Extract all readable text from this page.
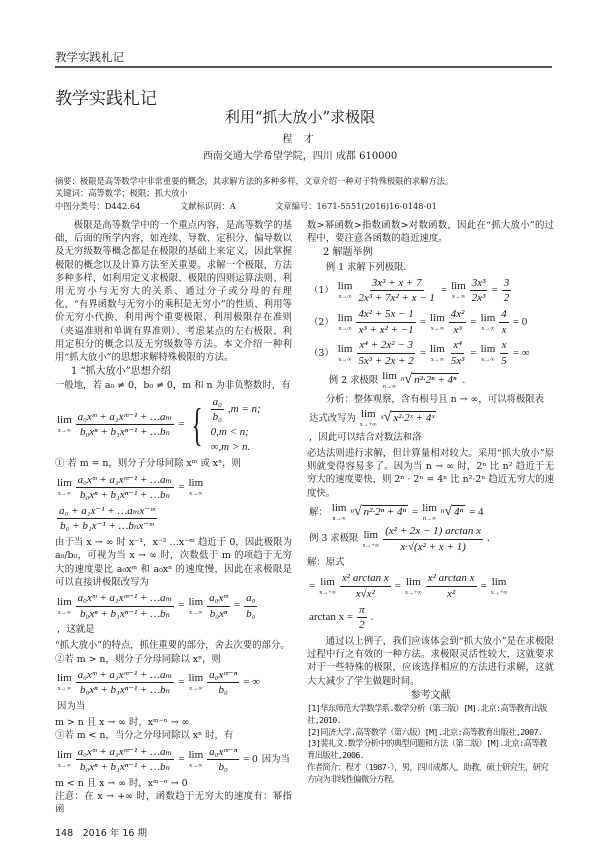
教学实践札记
教学实践札记
利用“抓大放小”求极限
程 才
西南交通大学希望学院，四川 成都 610000
摘要：极限是高等数学中非常重要的概念，其求解方法的多种多样，文章介绍一种对于特殊极限的求解方法。
关键词：高等数学；极限；抓大放小
中图分类号：D442.64	文献标识码：A	文章编号：1671-5551(2016)16-0148-01

极限是高等数学中的一个重点内容，是高等数学的基础，后面的所学内容，如连续、导数、定积分、偏导数以及无穷级数等概念都是在极限的基础上来定义，因此掌握极限的概念以及计算方法至关重要。求解一个极限，方法多种多样，如利用定义求极限、极限的四则运算法则、利用无穷小与无穷大的关系、通过分子或分母的有理化、“有界函数与无穷小的乘积是无穷小”的性质、利用等价无穷小代换、利用两个重要极限、利用极限存在准则（夹逼准则和单调有界准则）、考虑某点的左右极限、利用定积分的概念以及无穷级数等方法。本文介绍一种利用“抓大放小”的思想求解特殊极限的方法。

1 “抓大放小”思想介绍

一般地，若 a₀ ≠ 0，b₀ ≠ 0，m 和 n 为非负整数时，有

lim
$x\to\infty \frac{\text{a₀xᵐ + a₁xᵐ⁻¹ + …aₘ}}{\text{b₀xⁿ + b₁xⁿ⁻¹ + …bₙ}}$ = { $\frac{\text{a₀}}{\text{b₀}} ,m = n$;
0,m < n;
∞,m > n.

① 若 m = n，则分子分母同除 xᵐ 或 xⁿ，则

lim
$x\to\infty \frac{\text{a₀xᵐ + a₁xᵐ⁻¹ + …aₘ}}{\text{b₀xⁿ + b₁xⁿ⁻¹ + …bₙ}} = \lim$
x→∞
$\frac{\text{a₀ + a₁x⁻¹ + …aₘx⁻ᵐ}}{\text{b₀ + b₁x⁻¹ + …bₙx⁻ᵐ}}$

由于当 x → ∞ 时 x⁻¹，x⁻² …x⁻ᵐ 趋近于 0，因此极限为 a₀/b₀，可视为当 x → ∞ 时，次数低于 m 的项趋于无穷大的速度要比 a₀xᵐ 和 a₀xⁿ 的速度慢，因此在求极限是可以直接讲极限改写为

lim
$x\to\infty \frac{\text{a₀xᵐ + a₁xᵐ⁻¹ + …aₘ}}{\text{b₀xⁿ + b₁xⁿ⁻¹ + …bₙ}} = \lim$
$x\to\infty \frac{\text{a₀xᵐ}}{\text{b₀xⁿ}} = \frac{\text{a₀}}{\text{b₀}}$
，这就是

“抓大放小”的特点，抓住重要的部分，舍去次要的部分。

②若 m > n，则分子分母同除以 xⁿ，则

lim
$x\to\infty \frac{\text{a₀xᵐ + a₁xᵐ⁻¹ + …aₘ}}{\text{b₀xⁿ + b₁xⁿ⁻¹ + …bₙ}} = \lim$
$x\to\infty \frac{\text{a₀xᵐ⁻ⁿ}}{\text{b₀}}$ = ∞
因为当

m > n 且 x → ∞ 时，xᵐ⁻ⁿ → ∞

③若 m < n，当分之分母同除以 xⁿ 时，有

lim
$x\to\infty \frac{\text{a₀xᵐ + a₁xᵐ⁻¹ + …aₘ}}{\text{b₀xⁿ + b₁xⁿ⁻¹ + …bₙ}} = \lim$
$x\to\infty \frac{\text{a₀xᵐ⁻ⁿ}}{\text{b₀}} = 0$ 因为当

m < n 且 x → ∞ 时，xᵐ⁻ⁿ → 0

注意：在 x → +∞ 时，函数趋于无穷大的速度有：幂指函

数>幂函数>指数函数>对数函数，因此在“抓大放小”的过程中，要注意各函数的趋近速度。

2 解题举例

例 1 求解下列极限.

（1） lim
$x\to\infty \frac{\text{3x³ + x + 7}}{\text{2x³ + 7x² + x − 1}} = \lim$
$x\to\infty \frac{\text{3x³}}{\text{2x³}} = \frac{3}{2}$
（2） lim
$x\to\infty \frac{\text{4x² + 5x − 1}}{\text{x³ + x² + −1}} = \lim$
$x\to\infty \frac{\text{4x²}}{\text{x³}} = \lim$
$x\to\infty \frac{4}{x} = 0$
（3） lim
$x\to\infty \frac{\text{x⁴ + 2x² − 3}}{\text{5x³ + 2x + 2}} = \lim$
$x\to\infty \frac{\text{x⁴}}{\text{5x³}} = \lim$
$x\to\infty \frac{x}{5}$ = ∞
例 2 求极限 lim
n→∞
n √ n²·2ⁿ + 4ⁿ .

分析：整体观察，含有根号且 n → ∞，可以将极限表

达式改写为 lim
x→+∞
x √ x²·2ˣ + 4ˣ
，因此可以结合对数法和洛

必达法则进行求解，但计算量相对较大。采用“抓大放小”原则就变得容易多了。因为当 n → ∞ 时，2ⁿ 比 n² 趋近于无穷大的速度要快，则 2ⁿ · 2ⁿ = 4ⁿ 比 n²·2ⁿ 趋近无穷大的速度快。

解： lim
n→∞
n √ n²·2ⁿ + 4ⁿ = lim
n→∞
n √ 4ⁿ = 4
例 3 求极限 lim
$x\to+\infty \frac{\text{(x² + 2x − 1) arctan x}}{\text{x·√(x² + x + 1)}}$ .

解：原式

= lim
$x\to+\infty \frac{\text{x² arctan x}}{\text{x√x²}} = \lim$
$x\to+\infty \frac{\text{x² arctan x}}{\text{x²}} = \lim$
x→+∞
$\arctan x = \frac{\pi}{2}$ .

通过以上例子，我们应该体会到“抓大放小”是在求极限过程中行之有效的一种方法。求极限灵活性较大，这就要求对于一些特殊的极限，应该选择相应的方法进行求解，这就大大减少了学生做题时间。

参考文献

[1]华东师范大学数学系.数学分析（第三版）[M].北京:高等教育出版社,2010.

[2]同济大学.高等数学（第六版）[M].北京:高等教育出版社,2007.

[3]裴礼文.数学分析中的典型问题和方法（第二版）[M].北京:高等教育出版社,2006.

作者简介：程才（1987-），男，四川成都人，助教，硕士研究生，研究方向为非线性偏微分方程。

148　2016 年 16 期
